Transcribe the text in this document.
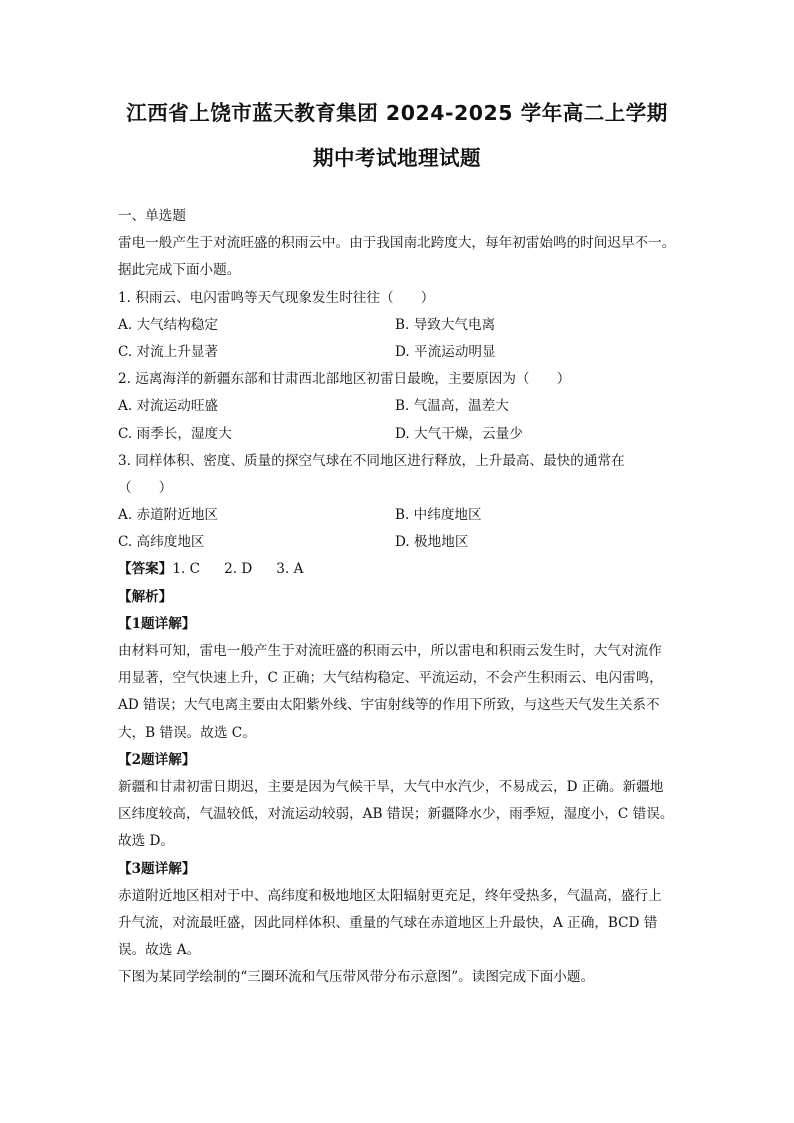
江西省上饶市蓝天教育集团 2024-2025 学年高二上学期
期中考试地理试题
一、单选题
雷电一般产生于对流旺盛的积雨云中。由于我国南北跨度大，每年初雷始鸣的时间迟早不一。
据此完成下面小题。
1. 积雨云、电闪雷鸣等天气现象发生时往往（　　）
A. 大气结构稳定	B. 导致大气电离
C. 对流上升显著	D. 平流运动明显
2. 远离海洋的新疆东部和甘肃西北部地区初雷日最晚，主要原因为（　　）
A. 对流运动旺盛	B. 气温高，温差大
C. 雨季长，湿度大	D. 大气干燥，云量少
3. 同样体积、密度、质量的探空气球在不同地区进行释放，上升最高、最快的通常在
（　　）
A. 赤道附近地区	B. 中纬度地区
C. 高纬度地区	D. 极地地区
【答案】1. C 2. D 3. A
【解析】
【1题详解】
由材料可知，雷电一般产生于对流旺盛的积雨云中，所以雷电和积雨云发生时，大气对流作
用显著，空气快速上升，C 正确；大气结构稳定、平流运动，不会产生积雨云、电闪雷鸣，
AD 错误；大气电离主要由太阳紫外线、宇宙射线等的作用下所致，与这些天气发生关系不
大，B 错误。故选 C。
【2题详解】
新疆和甘肃初雷日期迟，主要是因为气候干旱，大气中水汽少，不易成云，D 正确。新疆地
区纬度较高，气温较低，对流运动较弱，AB 错误；新疆降水少，雨季短，湿度小，C 错误。
故选 D。
【3题详解】
赤道附近地区相对于中、高纬度和极地地区太阳辐射更充足，终年受热多，气温高，盛行上
升气流，对流最旺盛，因此同样体积、重量的气球在赤道地区上升最快，A 正确，BCD 错
误。故选 A。
下图为某同学绘制的“三圈环流和气压带风带分布示意图”。读图完成下面小题。
